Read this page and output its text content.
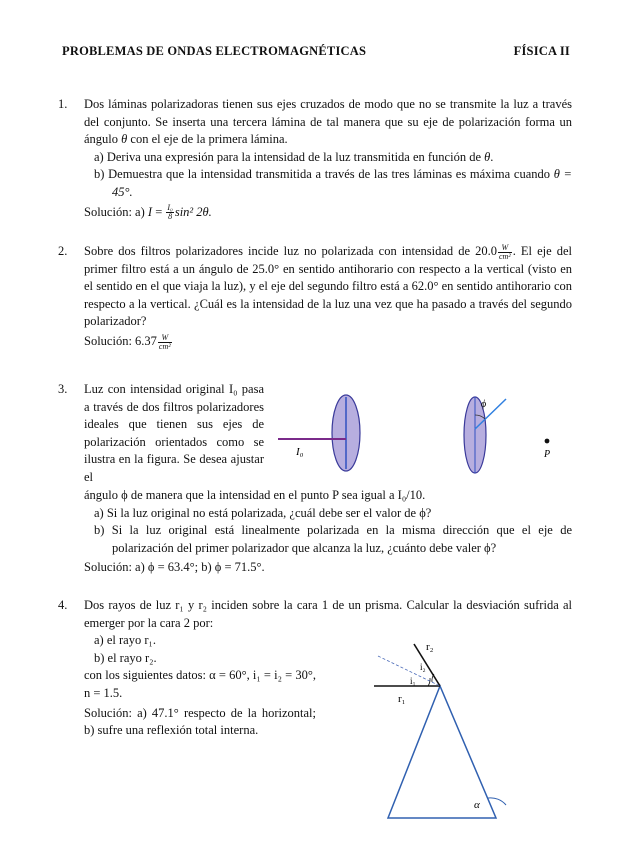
PROBLEMAS DE ONDAS ELECTROMAGNÉTICAS	FÍSICA II
1.	Dos láminas polarizadoras tienen sus ejes cruzados de modo que no se transmite la luz a través del conjunto. Se inserta una tercera lámina de tal manera que su eje de polarización forma un ángulo θ con el eje de la primera lámina.
a) Deriva una expresión para la intensidad de la luz transmitida en función de θ.
b) Demuestra que la intensidad transmitida a través de las tres láminas es máxima cuando θ = 45°.
Solución: a) $I = \frac{\text{I₀}}{8} \sin^2$ 2θ.
2.	Sobre dos filtros polarizadores incide luz no polarizada con intensidad de $20.0 \frac{W}{\text{cm²}}$ . El eje del primer filtro está a un ángulo de 25.0° en sentido antihorario con respecto a la vertical (visto en el sentido en el que viaja la luz), y el eje del segundo filtro está a 62.0° en sentido antihorario con respecto a la vertical. ¿Cuál es la intensidad de la luz una vez que ha pasado a través del segundo polarizador?
Solución: $6.37 \frac{W}{\text{cm²}}$
3.	Luz con intensidad original I₀ pasa a través de dos filtros polarizadores ideales que tienen sus ejes de polarización orientados como se ilustra en la figura. Se desea ajustar el
ángulo ϕ de manera que la intensidad en el punto P sea igual a I₀/10.
a) Si la luz original no está polarizada, ¿cuál debe ser el valor de ϕ?
b) Si la luz original está linealmente polarizada en la misma dirección que el eje de polarización del primer polarizador que alcanza la luz, ¿cuánto debe valer ϕ?
Solución: a) ϕ = 63.4°; b) ϕ = 71.5°.
I₀
ϕ
P
4.	Dos rayos de luz r₁ y r₂ inciden sobre la cara 1 de un prisma. Calcular la desviación sufrida al emerger por la cara 2 por:
a) el rayo r₁.
b) el rayo r₂.
con los siguientes datos: α = 60°, i₁ = i₂ = 30°, n = 1.5.
Solución: a) 47.1° respecto de la horizontal; b) sufre una reflexión total interna.
r₂
i₂
i₁
r₁
α
